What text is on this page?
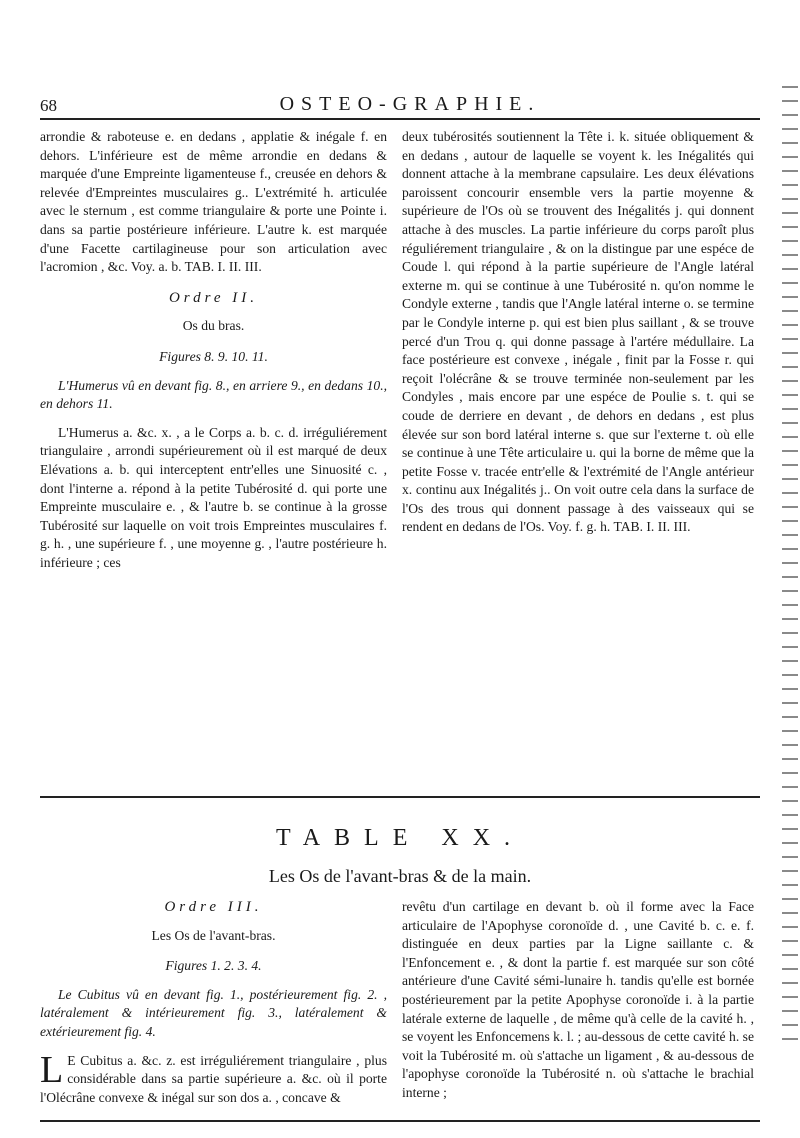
68	OSTEO-GRAPHIE.

arrondie & raboteuse e. en dedans , applatie & inégale f. en dehors. L'inférieure est de même arrondie en dedans & marquée d'une Empreinte ligamenteuse f., creusée en dehors & relevée d'Empreintes musculaires g.. L'extrémité h. articulée avec le sternum , est comme triangulaire & porte une Pointe i. dans sa partie postérieure inférieure. L'autre k. est marquée d'une Facette cartilagineuse pour son articulation avec l'acromion , &c. Voy. a. b. TAB. I. II. III.

Ordre II.

Os du bras.

Figures 8. 9. 10. 11.

L'Humerus vû en devant fig. 8., en arriere 9., en dedans 10., en dehors 11.

L'Humerus a. &c. x. , a le Corps a. b. c. d. irréguliérement triangulaire , arrondi supérieurement où il est marqué de deux Elévations a. b. qui interceptent entr'elles une Sinuosité c. , dont l'interne a. répond à la petite Tubérosité d. qui porte une Empreinte musculaire e. , & l'autre b. se continue à la grosse Tubérosité sur laquelle on voit trois Empreintes musculaires f. g. h. , une supérieure f. , une moyenne g. , l'autre postérieure h. inférieure ; ces

deux tubérosités soutiennent la Tête i. k. située obliquement & en dedans , autour de laquelle se voyent k. les Inégalités qui donnent attache à la membrane capsulaire. Les deux élévations paroissent concourir ensemble vers la partie moyenne & supérieure de l'Os où se trouvent des Inégalités j. qui donnent attache à des muscles. La partie inférieure du corps paroît plus réguliérement triangulaire , & on la distingue par une espéce de Coude l. qui répond à la partie supérieure de l'Angle latéral externe m. qui se continue à une Tubérosité n. qu'on nomme le Condyle externe , tandis que l'Angle latéral interne o. se termine par le Condyle interne p. qui est bien plus saillant , & se trouve percé d'un Trou q. qui donne passage à l'artére médullaire. La face postérieure est convexe , inégale , finit par la Fosse r. qui reçoit l'olécrâne & se trouve terminée non-seulement par les Condyles , mais encore par une espéce de Poulie s. t. qui se coude de derriere en devant , de dehors en dedans , est plus élevée sur son bord latéral interne s. que sur l'externe t. où elle se continue à une Tête articulaire u. qui la borne de même que la petite Fosse v. tracée entr'elle & l'extrémité de l'Angle antérieur x. continu aux Inégalités j.. On voit outre cela dans la surface de l'Os des trous qui donnent passage à des vaisseaux qui se rendent en dedans de l'Os. Voy. f. g. h. TAB. I. II. III.

TABLE XX.
Les Os de l'avant-bras & de la main.

Ordre III.

Les Os de l'avant-bras.

Figures 1. 2. 3. 4.

Le Cubitus vû en devant fig. 1., postérieurement fig. 2. , latéralement & intérieurement fig. 3., latéralement & extérieurement fig. 4.

L E Cubitus a. &c. z. est irréguliérement triangulaire , plus considérable dans sa partie supérieure a. &c. où il porte l'Olécrâne convexe & inégal sur son dos a. , concave &

revêtu d'un cartilage en devant b. où il forme avec la Face articulaire de l'Apophyse coronoïde d. , une Cavité b. c. e. f. distinguée en deux parties par la Ligne saillante c. & l'Enfoncement e. , & dont la partie f. est marquée sur son côté antérieure d'une Cavité sémi-lunaire h. tandis qu'elle est bornée postérieurement par la petite Apophyse coronoïde i. à la partie latérale externe de laquelle , de même qu'à celle de la cavité h. , se voyent les Enfoncemens k. l. ; au-dessous de cette cavité h. se voit la Tubérosité m. où s'attache un ligament , & au-dessous de l'apophyse coronoïde la Tubérosité n. où s'attache le brachial interne ;
